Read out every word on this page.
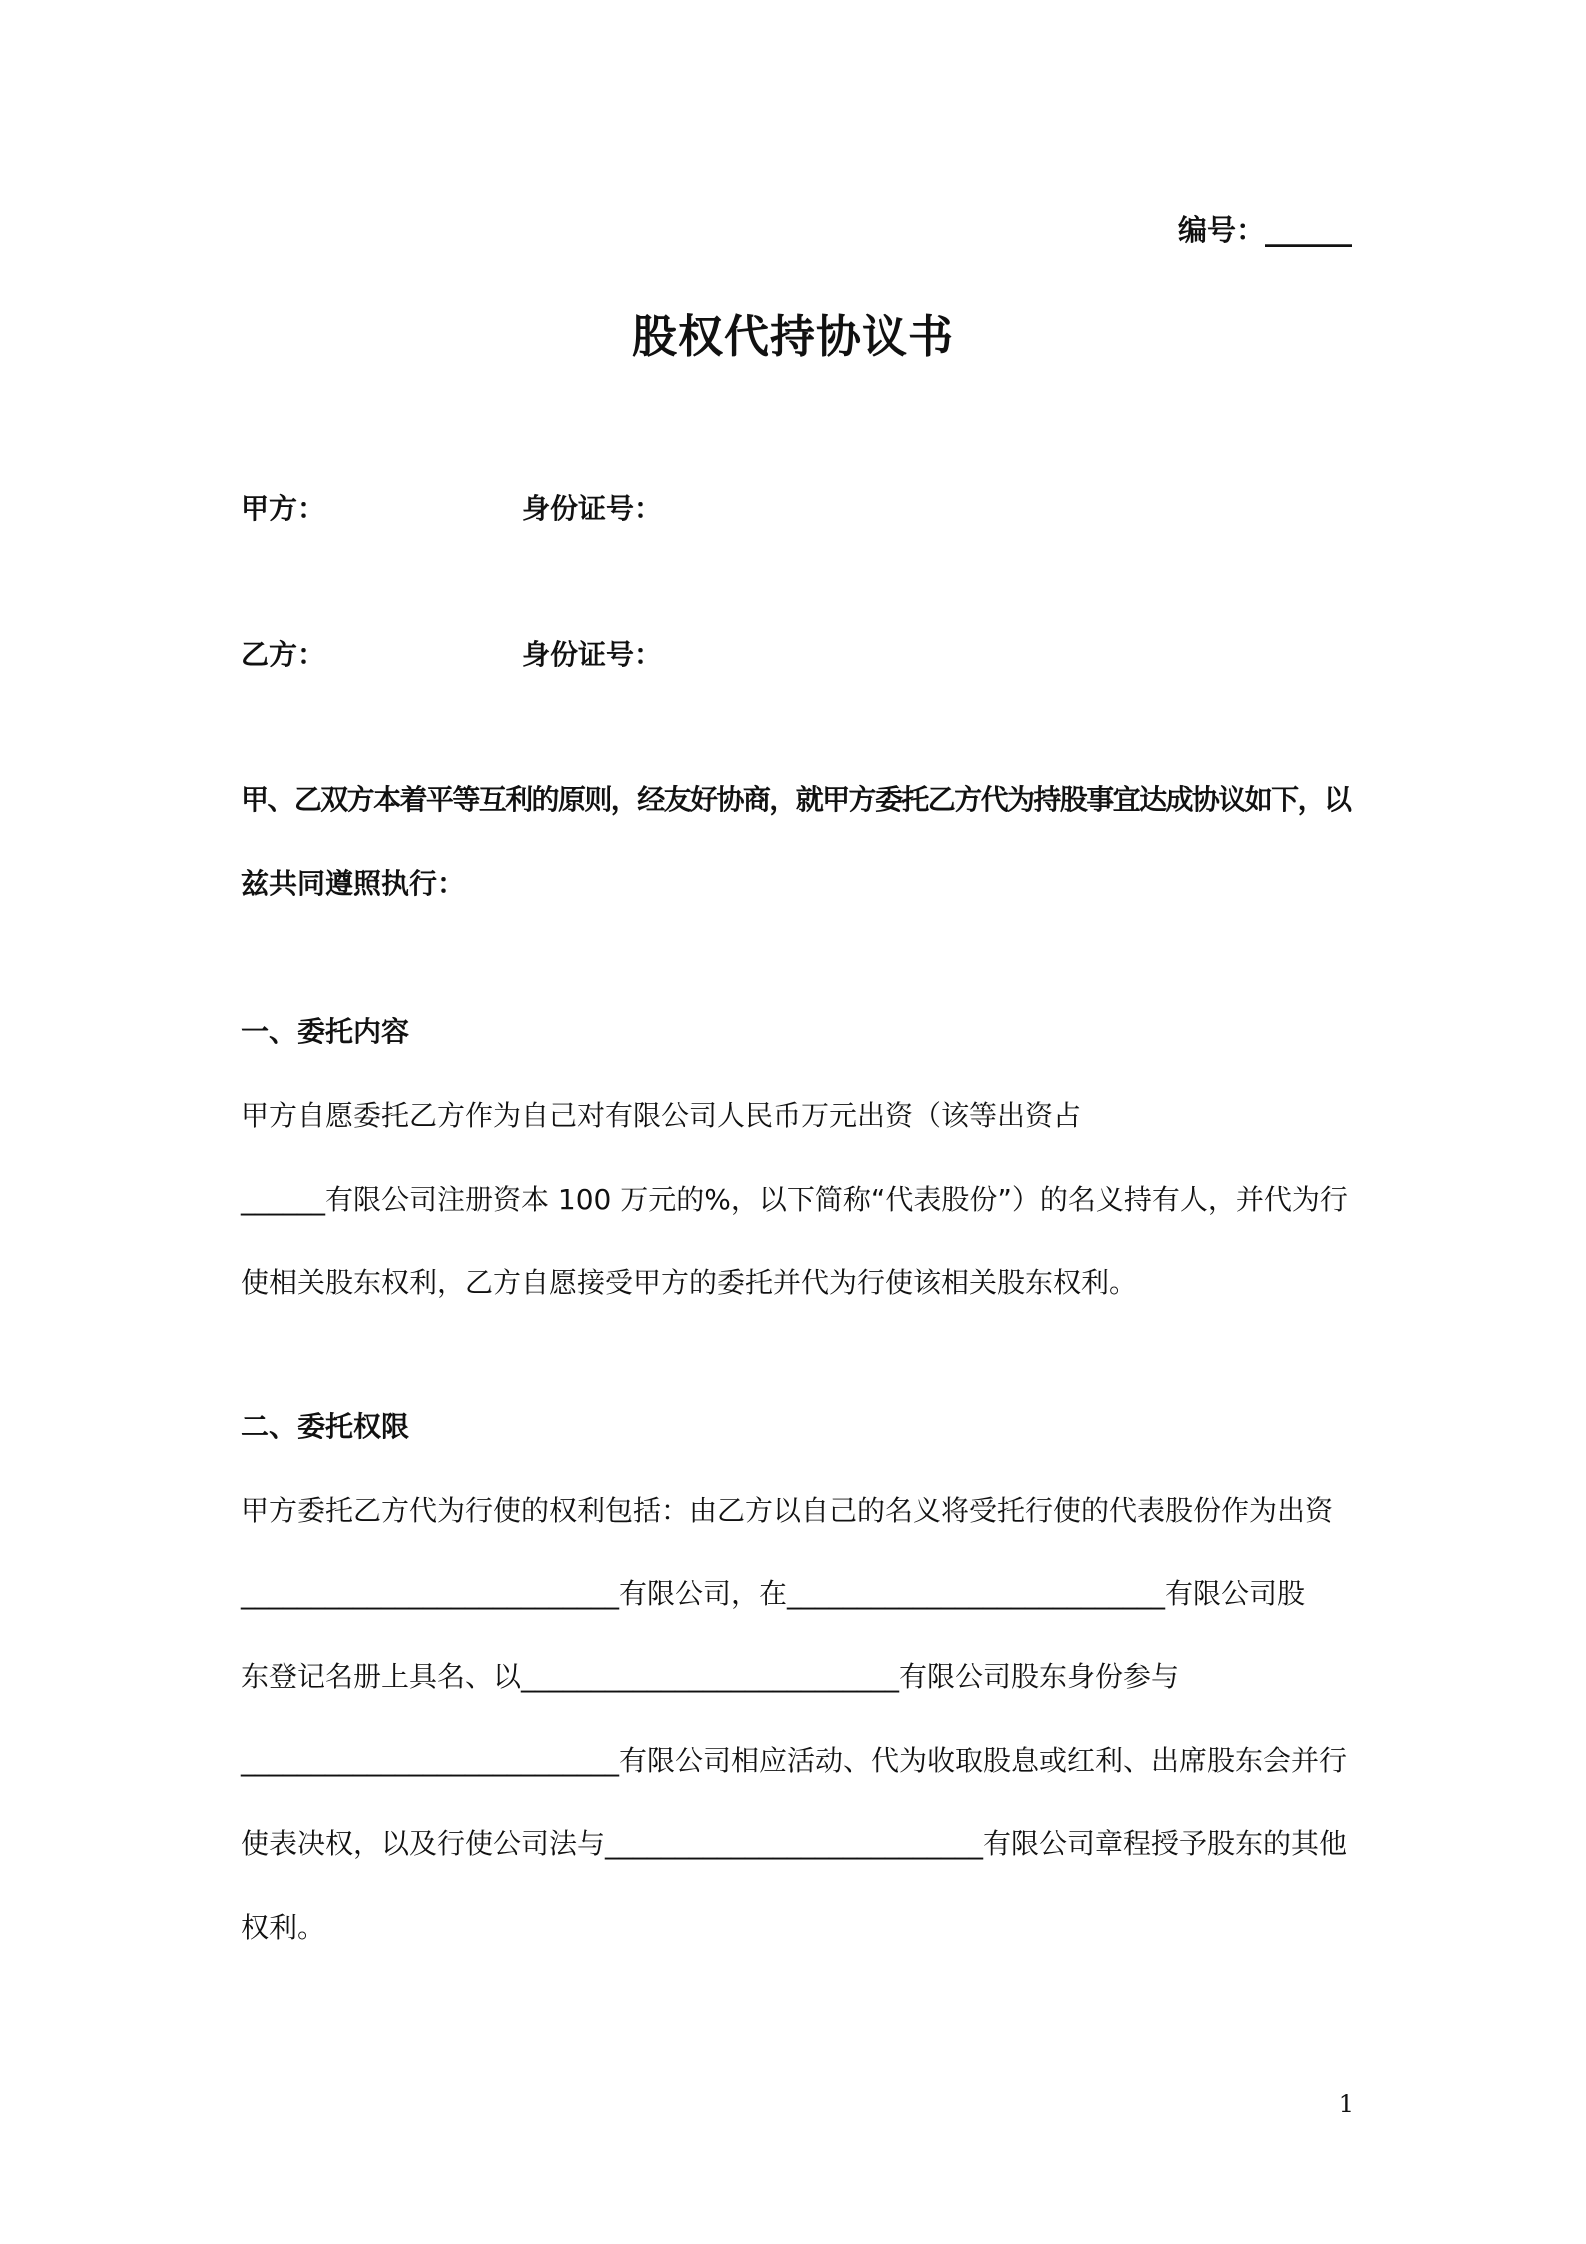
编号：______
股权代持协议书
甲方：	身份证号：
乙方：	身份证号：
甲、乙双方本着平等互利的原则，经友好协商，就甲方委托乙方代为持股事宜达成协议如下，以
兹共同遵照执行：
一、委托内容
甲方自愿委托乙方作为自己对有限公司人民币万元出资（该等出资占
______有限公司注册资本 100 万元的%，以下简称“代表股份”）的名义持有人，并代为行
使相关股东权利，乙方自愿接受甲方的委托并代为行使该相关股东权利。
二、委托权限
甲方委托乙方代为行使的权利包括：由乙方以自己的名义将受托行使的代表股份作为出资
___________________________有限公司，在___________________________有限公司股
东登记名册上具名、以___________________________有限公司股东身份参与
___________________________有限公司相应活动、代为收取股息或红利、出席股东会并行
使表决权，以及行使公司法与___________________________有限公司章程授予股东的其他
权利。
1
